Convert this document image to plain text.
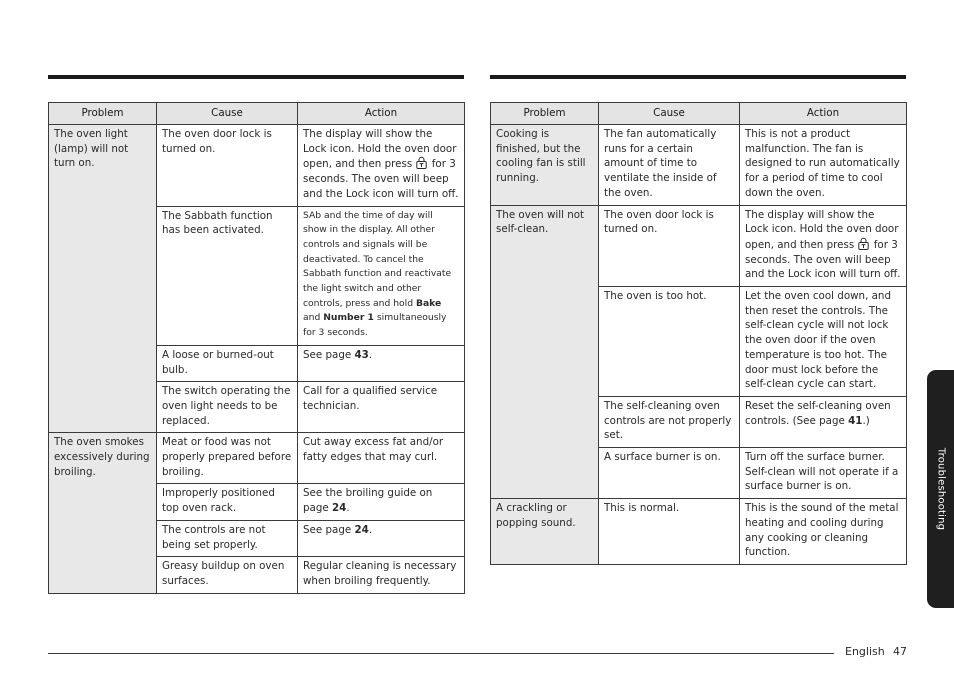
Problem	Cause	Action
The oven light (lamp) will not turn on.	The oven door lock is turned on.	The display will show the Lock icon. Hold the oven door open, and then press for 3 seconds. The oven will beep and the Lock icon will turn off.
	The Sabbath function has been activated.	SAb and the time of day will show in the display. All other controls and signals will be deactivated. To cancel the Sabbath function and reactivate the light switch and other controls, press and hold Bake and Number 1 simultaneously for 3 seconds.
	A loose or burned-out bulb.	See page 43.
	The switch operating the oven light needs to be replaced.	Call for a qualified service technician.
The oven smokes excessively during broiling.	Meat or food was not properly prepared before broiling.	Cut away excess fat and/or fatty edges that may curl.
	Improperly positioned top oven rack.	See the broiling guide on page 24.
	The controls are not being set properly.	See page 24.
	Greasy buildup on oven surfaces.	Regular cleaning is necessary when broiling frequently.
Problem	Cause	Action
Cooking is finished, but the cooling fan is still running.	The fan automatically runs for a certain amount of time to ventilate the inside of the oven.	This is not a product malfunction. The fan is designed to run automatically for a period of time to cool down the oven.
The oven will not self-clean.	The oven door lock is turned on.	The display will show the Lock icon. Hold the oven door open, and then press for 3 seconds. The oven will beep and the Lock icon will turn off.
	The oven is too hot.	Let the oven cool down, and then reset the controls. The self-clean cycle will not lock the oven door if the oven temperature is too hot. The door must lock before the self-clean cycle can start.
	The self-cleaning oven controls are not properly set.	Reset the self-cleaning oven controls. (See page 41.)
	A surface burner is on.	Turn off the surface burner. Self-clean will not operate if a surface burner is on.
A crackling or popping sound.	This is normal.	This is the sound of the metal heating and cooling during any cooking or cleaning function.
Troubleshooting
English 47
